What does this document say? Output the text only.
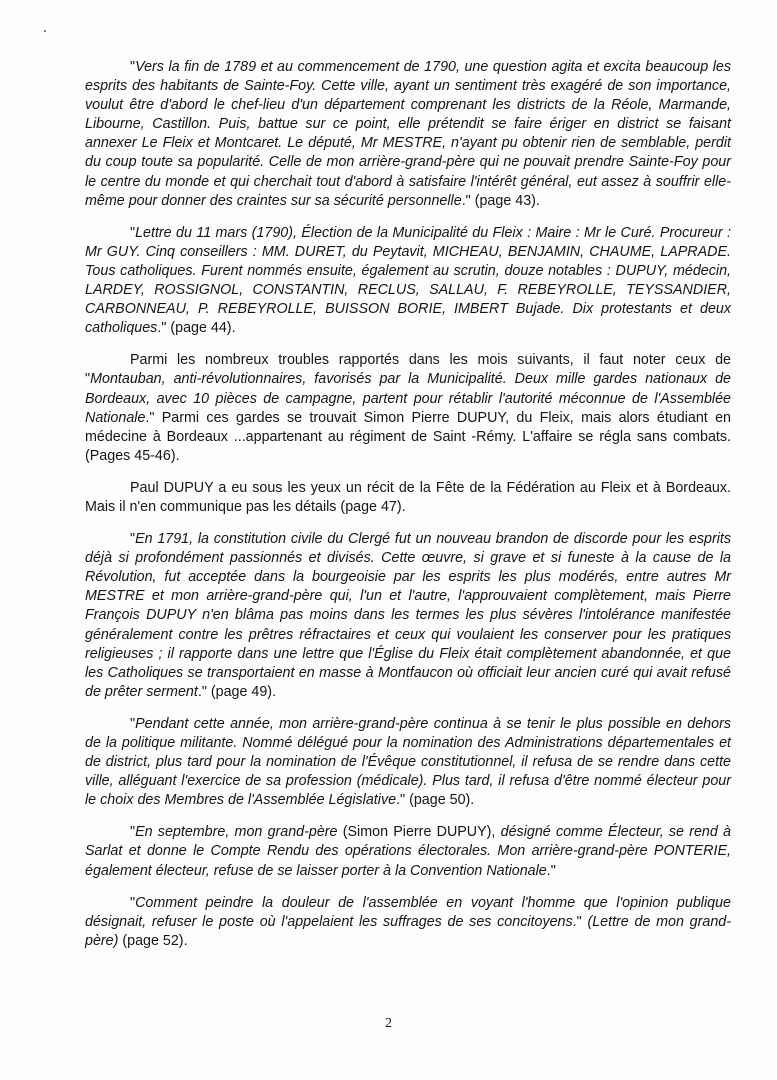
"Vers la fin de 1789 et au commencement de 1790, une question agita et excita beaucoup les esprits des habitants de Sainte-Foy. Cette ville, ayant un sentiment très exagéré de son importance, voulut être d'abord le chef-lieu d'un département comprenant les districts de la Réole, Marmande, Libourne, Castillon. Puis, battue sur ce point, elle prétendit se faire ériger en district se faisant annexer Le Fleix et Montcaret. Le député, Mr MESTRE, n'ayant pu obtenir rien de semblable, perdit du coup toute sa popularité. Celle de mon arrière-grand-père qui ne pouvait prendre Sainte-Foy pour le centre du monde et qui cherchait tout d'abord à satisfaire l'intérêt général, eut assez à souffrir elle-même pour donner des craintes sur sa sécurité personnelle." (page 43).

"Lettre du 11 mars (1790), Élection de la Municipalité du Fleix : Maire : Mr le Curé. Procureur : Mr GUY. Cinq conseillers : MM. DURET, du Peytavit, MICHEAU, BENJAMIN, CHAUME, LAPRADE. Tous catholiques. Furent nommés ensuite, également au scrutin, douze notables : DUPUY, médecin, LARDEY, ROSSIGNOL, CONSTANTIN, RECLUS, SALLAU, F. REBEYROLLE, TEYSSANDIER, CARBONNEAU, P. REBEYROLLE, BUISSON BORIE, IMBERT Bujade. Dix protestants et deux catholiques." (page 44).

Parmi les nombreux troubles rapportés dans les mois suivants, il faut noter ceux de "Montauban, anti-révolutionnaires, favorisés par la Municipalité. Deux mille gardes nationaux de Bordeaux, avec 10 pièces de campagne, partent pour rétablir l'autorité méconnue de l'Assemblée Nationale." Parmi ces gardes se trouvait Simon Pierre DUPUY, du Fleix, mais alors étudiant en médecine à Bordeaux ...appartenant au régiment de Saint -Rémy. L'affaire se régla sans combats. (Pages 45-46).

Paul DUPUY a eu sous les yeux un récit de la Fête de la Fédération au Fleix et à Bordeaux. Mais il n'en communique pas les détails (page 47).

"En 1791, la constitution civile du Clergé fut un nouveau brandon de discorde pour les esprits déjà si profondément passionnés et divisés. Cette œuvre, si grave et si funeste à la cause de la Révolution, fut acceptée dans la bourgeoisie par les esprits les plus modérés, entre autres Mr MESTRE et mon arrière-grand-père qui, l'un et l'autre, l'approuvaient complètement, mais Pierre François DUPUY n'en blâma pas moins dans les termes les plus sévères l'intolérance manifestée généralement contre les prêtres réfractaires et ceux qui voulaient les conserver pour les pratiques religieuses ; il rapporte dans une lettre que l'Église du Fleix était complètement abandonnée, et que les Catholiques se transportaient en masse à Montfaucon où officiait leur ancien curé qui avait refusé de prêter serment." (page 49).

"Pendant cette année, mon arrière-grand-père continua à se tenir le plus possible en dehors de la politique militante. Nommé délégué pour la nomination des Administrations départementales et de district, plus tard pour la nomination de l'Évêque constitutionnel, il refusa de se rendre dans cette ville, alléguant l'exercice de sa profession (médicale). Plus tard, il refusa d'être nommé électeur pour le choix des Membres de l'Assemblée Législative." (page 50).

"En septembre, mon grand-père (Simon Pierre DUPUY), désigné comme Électeur, se rend à Sarlat et donne le Compte Rendu des opérations électorales. Mon arrière-grand-père PONTERIE, également électeur, refuse de se laisser porter à la Convention Nationale."

"Comment peindre la douleur de l'assemblée en voyant l'homme que l'opinion publique désignait, refuser le poste où l'appelaient les suffrages de ses concitoyens." (Lettre de mon grand-père) (page 52).

2
